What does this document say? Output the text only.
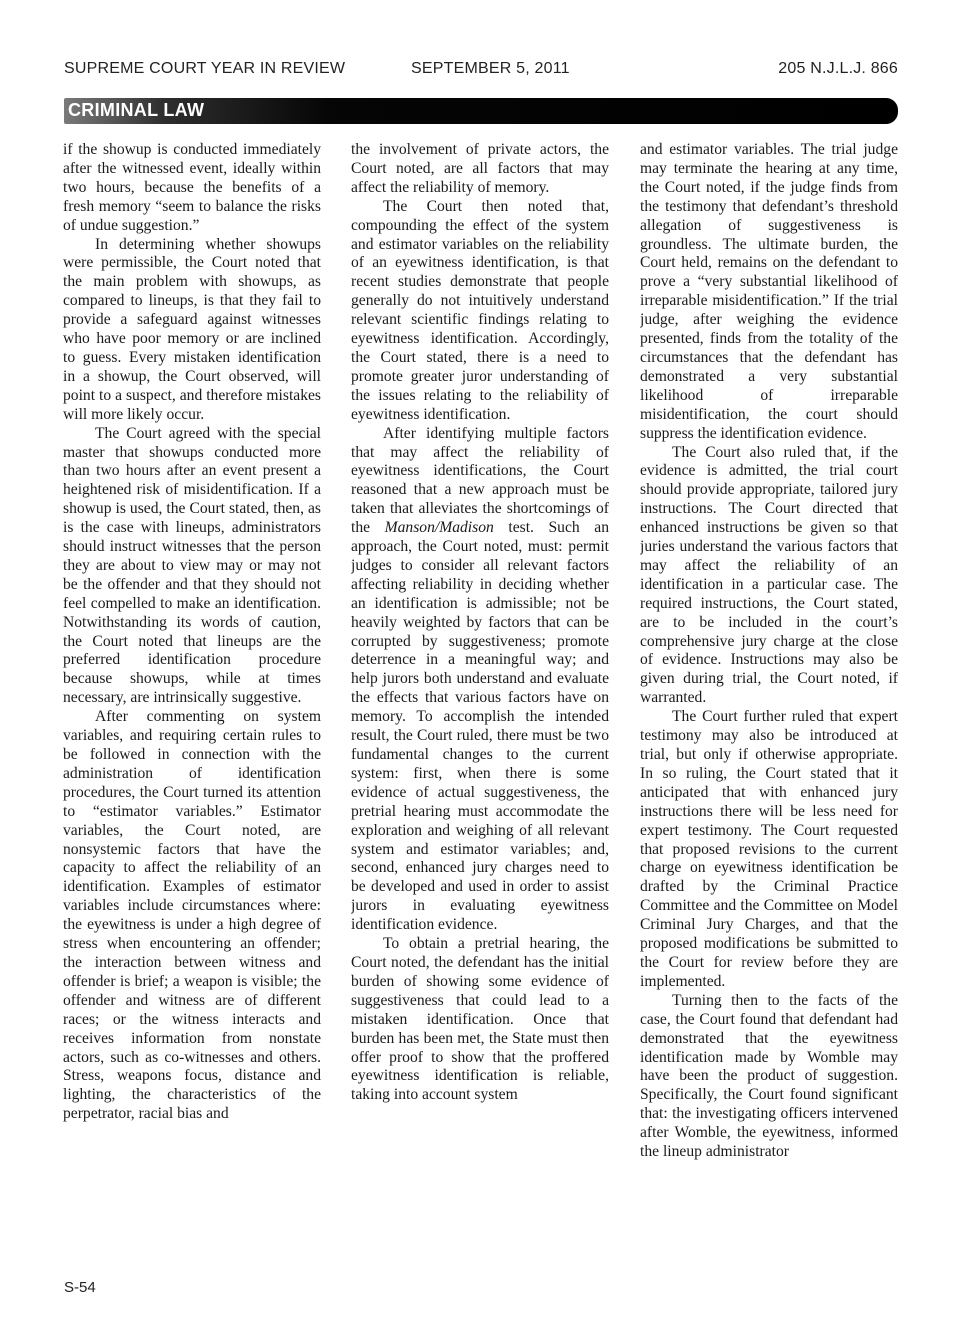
SUPREME COURT YEAR IN REVIEW	SEPTEMBER 5, 2011	205 N.J.L.J. 866
CRIMINAL LAW

if the showup is conducted immediately after the witnessed event, ideally within two hours, because the benefits of a fresh memory “seem to balance the risks of undue suggestion.”

In determining whether showups were permissible, the Court noted that the main problem with showups, as compared to lineups, is that they fail to provide a safeguard against witnesses who have poor memory or are inclined to guess. Every mistaken identification in a showup, the Court observed, will point to a suspect, and therefore mistakes will more likely occur.

The Court agreed with the special master that showups conducted more than two hours after an event present a heightened risk of misidentification. If a showup is used, the Court stated, then, as is the case with lineups, administrators should instruct witnesses that the person they are about to view may or may not be the offender and that they should not feel compelled to make an identification. Notwithstanding its words of caution, the Court noted that lineups are the preferred identification procedure because showups, while at times necessary, are intrinsically suggestive.

After commenting on system variables, and requiring certain rules to be followed in connection with the administration of identification procedures, the Court turned its attention to “estimator variables.” Estimator variables, the Court noted, are nonsystemic factors that have the capacity to affect the reliability of an identification. Examples of estimator variables include circumstances where: the eyewitness is under a high degree of stress when encountering an offender; the interaction between witness and offender is brief; a weapon is visible; the offender and witness are of different races; or the witness interacts and receives information from nonstate actors, such as co-witnesses and others. Stress, weapons focus, distance and lighting, the characteristics of the perpetrator, racial bias and

the involvement of private actors, the Court noted, are all factors that may affect the reliability of memory.

The Court then noted that, compounding the effect of the system and estimator variables on the reliability of an eyewitness identification, is that recent studies demonstrate that people generally do not intuitively understand relevant scientific findings relating to eyewitness identification. Accordingly, the Court stated, there is a need to promote greater juror understanding of the issues relating to the reliability of eyewitness identification.

After identifying multiple factors that may affect the reliability of eyewitness identifications, the Court reasoned that a new approach must be taken that alleviates the shortcomings of the Manson/Madison test. Such an approach, the Court noted, must: permit judges to consider all relevant factors affecting reliability in deciding whether an identification is admissible; not be heavily weighted by factors that can be corrupted by suggestiveness; promote deterrence in a meaningful way; and help jurors both understand and evaluate the effects that various factors have on memory. To accomplish the intended result, the Court ruled, there must be two fundamental changes to the current system: first, when there is some evidence of actual suggestiveness, the pretrial hearing must accommodate the exploration and weighing of all relevant system and estimator variables; and, second, enhanced jury charges need to be developed and used in order to assist jurors in evaluating eyewitness identification evidence.

To obtain a pretrial hearing, the Court noted, the defendant has the initial burden of showing some evidence of suggestiveness that could lead to a mistaken identification. Once that burden has been met, the State must then offer proof to show that the proffered eyewitness identification is reliable, taking into account system

and estimator variables. The trial judge may terminate the hearing at any time, the Court noted, if the judge finds from the testimony that defendant’s threshold allegation of suggestiveness is groundless. The ultimate burden, the Court held, remains on the defendant to prove a “very substantial likelihood of irreparable misidentification.” If the trial judge, after weighing the evidence presented, finds from the totality of the circumstances that the defendant has demonstrated a very substantial likelihood of irreparable misidentification, the court should suppress the identification evidence.

The Court also ruled that, if the evidence is admitted, the trial court should provide appropriate, tailored jury instructions. The Court directed that enhanced instructions be given so that juries understand the various factors that may affect the reliability of an identification in a particular case. The required instructions, the Court stated, are to be included in the court’s comprehensive jury charge at the close of evidence. Instructions may also be given during trial, the Court noted, if warranted.

The Court further ruled that expert testimony may also be introduced at trial, but only if otherwise appropriate. In so ruling, the Court stated that it anticipated that with enhanced jury instructions there will be less need for expert testimony. The Court requested that proposed revisions to the current charge on eyewitness identification be drafted by the Criminal Practice Committee and the Committee on Model Criminal Jury Charges, and that the proposed modifications be submitted to the Court for review before they are implemented.

Turning then to the facts of the case, the Court found that defendant had demonstrated that the eyewitness identification made by Womble may have been the product of suggestion. Specifically, the Court found significant that: the investigating officers intervened after Womble, the eyewitness, informed the lineup administrator

S-54
